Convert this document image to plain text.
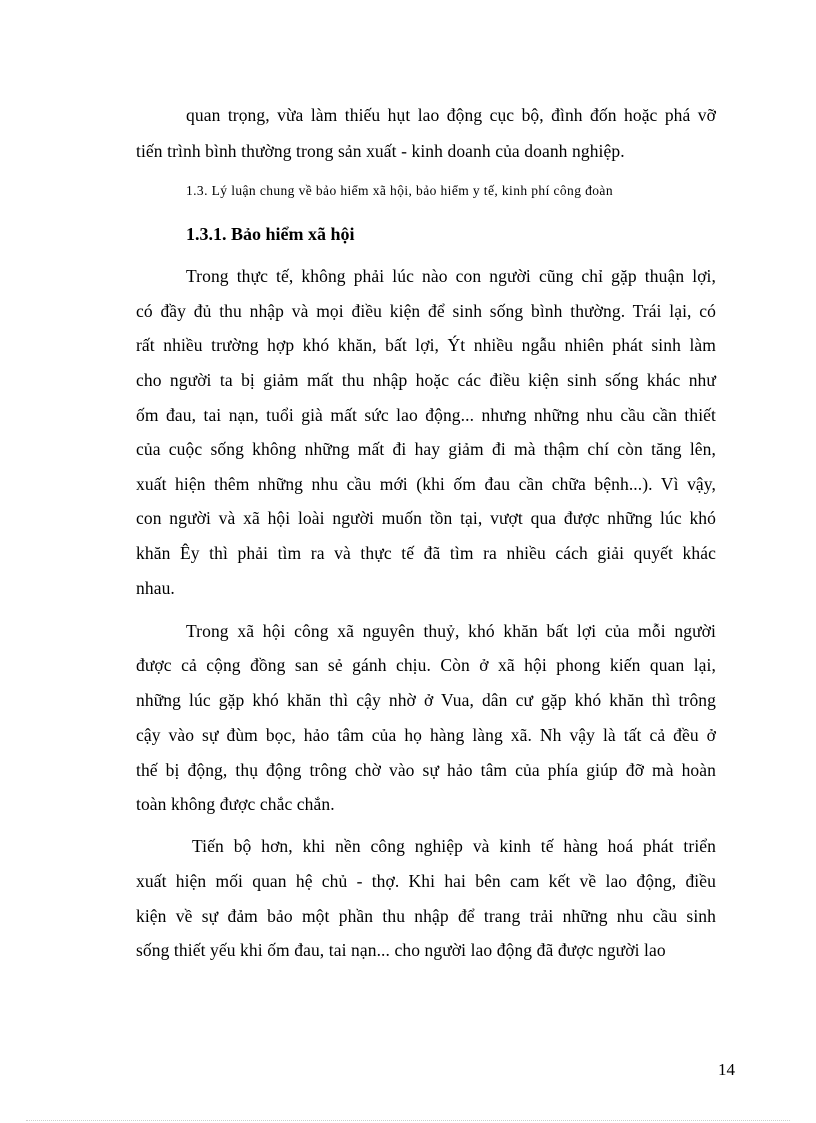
quan trọng, vừa làm thiếu hụt lao động cục bộ, đình đốn hoặc phá vỡ
tiến trình bình thường trong sản xuất - kinh doanh của doanh nghiệp.
1.3. Lý luận chung về bảo hiểm xã hội, bảo hiểm y tế, kinh phí công đoàn
1.3.1. Bảo hiểm xã hội
Trong thực tế, không phải lúc nào con người cũng chỉ gặp thuận lợi,
có đầy đủ thu nhập và mọi điều kiện để sinh sống bình thường. Trái lại, có
rất nhiều trường hợp khó khăn, bất lợi, Ýt nhiều ngẫu nhiên phát sinh làm
cho người ta bị giảm mất thu nhập hoặc các điều kiện sinh sống khác như
ốm đau, tai nạn, tuổi già mất sức lao động... nhưng những nhu cầu cần thiết
của cuộc sống không những mất đi hay giảm đi mà thậm chí còn tăng lên,
xuất hiện thêm những nhu cầu mới (khi ốm đau cần chữa bệnh...). Vì vậy,
con người và xã hội loài người muốn tồn tại, vượt qua được những lúc khó
khăn Êy thì phải tìm ra và thực tế đã tìm ra nhiều cách giải quyết khác
nhau.
Trong xã hội công xã nguyên thuỷ, khó khăn bất lợi của mỗi người
được cả cộng đồng san sẻ gánh chịu. Còn ở xã hội phong kiến quan lại,
những lúc gặp khó khăn thì cậy nhờ ở Vua, dân cư gặp khó khăn thì trông
cậy vào sự đùm bọc, hảo tâm của họ hàng làng xã. Nh vậy là tất cả đều ở
thế bị động, thụ động trông chờ vào sự hảo tâm của phía giúp đỡ mà hoàn
toàn không được chắc chắn.
Tiến bộ hơn, khi nền công nghiệp và kinh tế hàng hoá phát triển
xuất hiện mối quan hệ chủ - thợ. Khi hai bên cam kết về lao động, điều
kiện về sự đảm bảo một phần thu nhập để trang trải những nhu cầu sinh
sống thiết yếu khi ốm đau, tai nạn... cho người lao động đã được người lao
14
